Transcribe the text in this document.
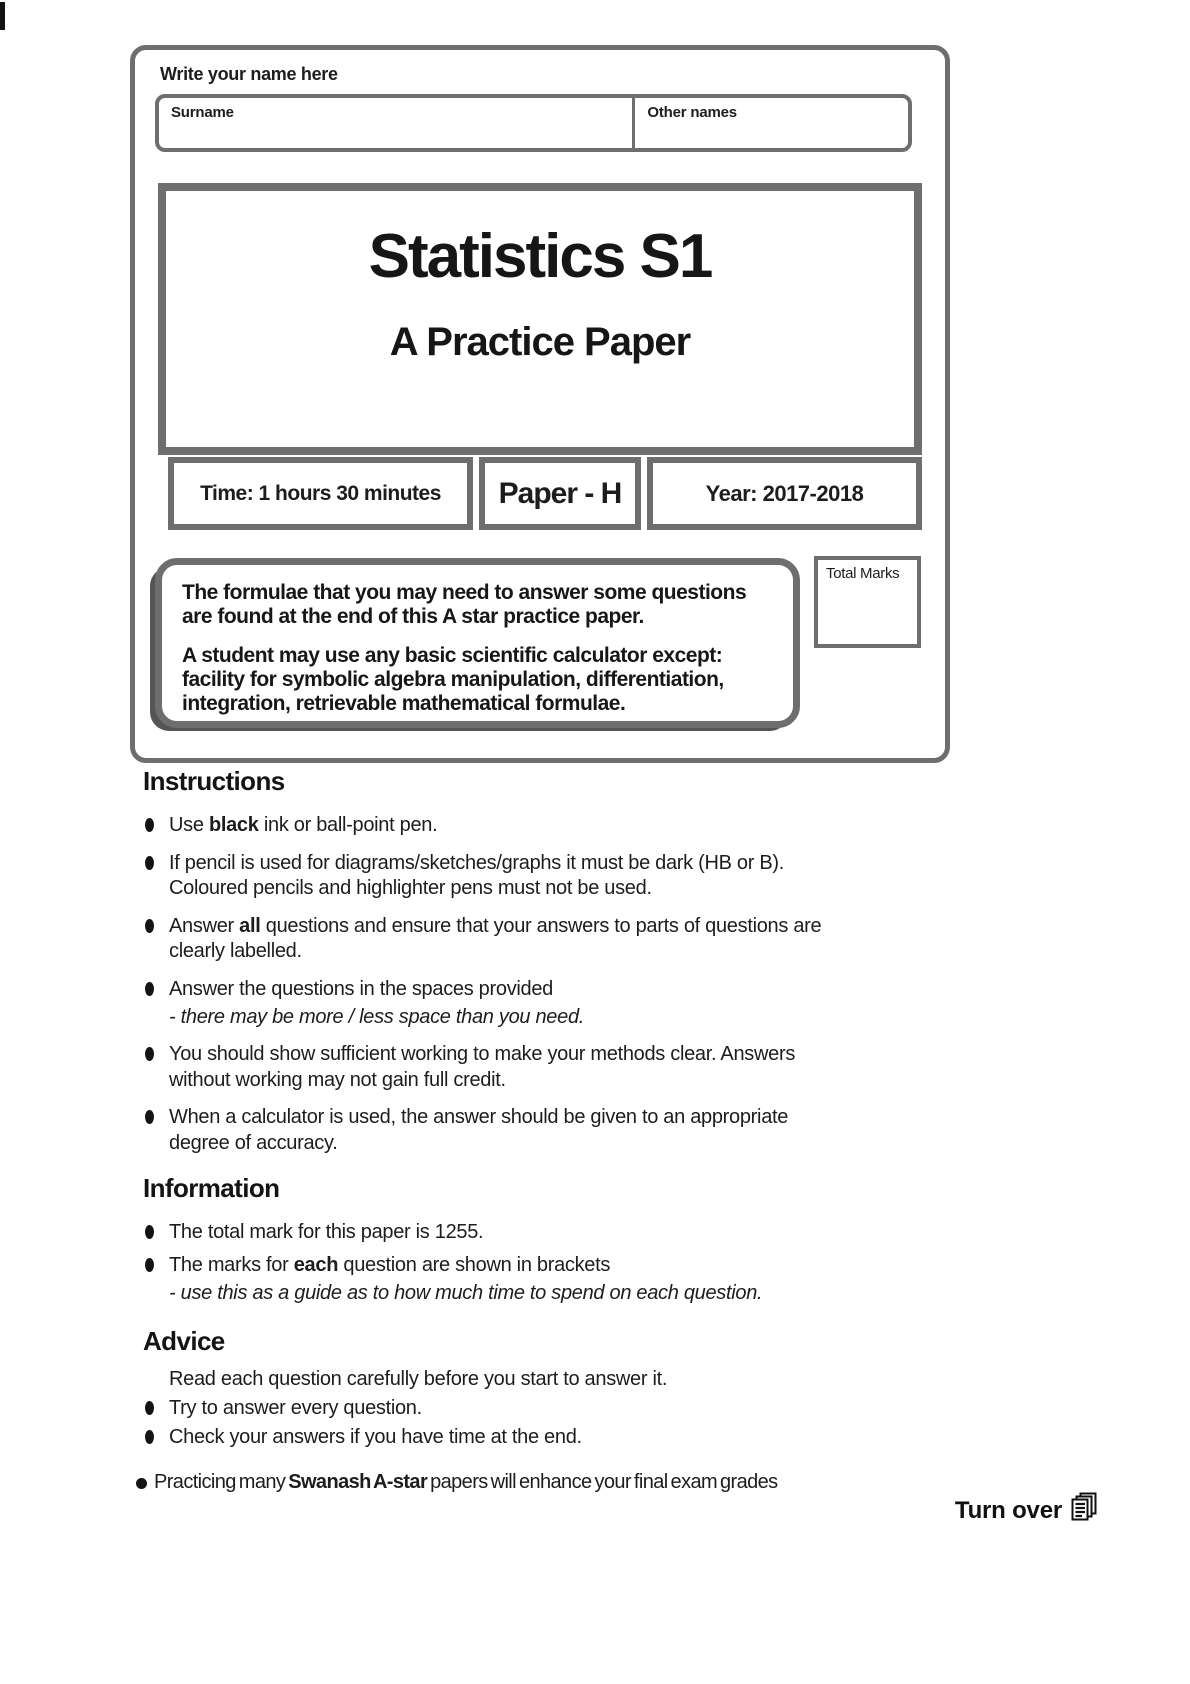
Write your name here
Surname	Other names
Statistics S1
A Practice Paper
Time: 1 hours 30 minutes	Paper - H	Year: 2017-2018

The formulae that you may need to answer some questions are found at the end of this A star practice paper.

A student may use any basic scientific calculator except: facility for symbolic algebra manipulation, differentiation, integration, retrievable mathematical formulae.

Total Marks
Instructions
Use black ink or ball-point pen.
If pencil is used for diagrams/sketches/graphs it must be dark (HB or B).
Coloured pencils and highlighter pens must not be used.
Answer all questions and ensure that your answers to parts of questions are
clearly labelled.
Answer the questions in the spaces provided
- there may be more / less space than you need.
You should show sufficient working to make your methods clear. Answers
without working may not gain full credit.
When a calculator is used, the answer should be given to an appropriate
degree of accuracy.
Information
The total mark for this paper is 1255.
The marks for each question are shown in brackets
- use this as a guide as to how much time to spend on each question.
Advice
Read each question carefully before you start to answer it.
Try to answer every question.
Check your answers if you have time at the end.
Practicing many Swanash A-star papers will enhance your final exam grades
Turn over
